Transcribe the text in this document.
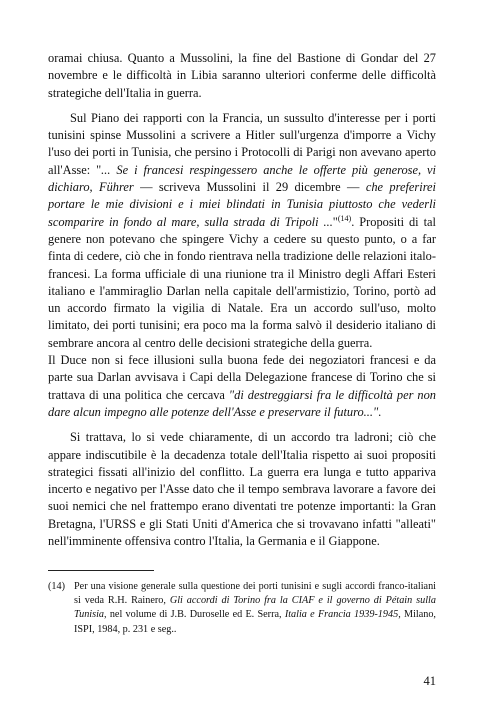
oramai chiusa. Quanto a Mussolini, la fine del Bastione di Gondar del 27 novembre e le difficoltà in Libia saranno ulteriori conferme delle difficoltà strategiche dell'Italia in guerra.

Sul Piano dei rapporti con la Francia, un sussulto d'interesse per i porti tunisini spinse Mussolini a scrivere a Hitler sull'urgenza d'imporre a Vichy l'uso dei porti in Tunisia, che persino i Protocolli di Parigi non avevano aperto all'Asse: "... Se i francesi respingessero anche le offerte più generose, vi dichiaro, Führer — scriveva Mussolini il 29 dicembre — che preferirei portare le mie divisioni e i miei blindati in Tunisia piuttosto che vederli scomparire in fondo al mare, sulla strada di Tripoli ..."$^{(14)}$. Propositi di tal genere non potevano che spingere Vichy a cedere su questo punto, o a far finta di cedere, ciò che in fondo rientrava nella tradizione delle relazioni italo-francesi. La forma ufficiale di una riunione tra il Ministro degli Affari Esteri italiano e l'ammiraglio Darlan nella capitale dell'armistizio, Torino, portò ad un accordo firmato la vigilia di Natale. Era un accordo sull'uso, molto limitato, dei porti tunisini; era poco ma la forma salvò il desiderio italiano di sembrare ancora al centro delle decisioni strategiche della guerra.

Il Duce non si fece illusioni sulla buona fede dei negoziatori francesi e da parte sua Darlan avvisava i Capi della Delegazione francese di Torino che si trattava di una politica che cercava "di destreggiarsi fra le difficoltà per non dare alcun impegno alle potenze dell'Asse e preservare il futuro...".

Si trattava, lo si vede chiaramente, di un accordo tra ladroni; ciò che appare indiscutibile è la decadenza totale dell'Italia rispetto ai suoi propositi strategici fissati all'inizio del conflitto. La guerra era lunga e tutto appariva incerto e negativo per l'Asse dato che il tempo sembrava lavorare a favore dei suoi nemici che nel frattempo erano diventati tre potenze importanti: la Gran Bretagna, l'URSS e gli Stati Uniti d'America che si trovavano infatti "alleati" nell'imminente offensiva contro l'Italia, la Germania e il Giappone.

(14) Per una visione generale sulla questione dei porti tunisini e sugli accordi franco-italiani si veda R.H. Rainero, Gli accordi di Torino fra la CIAF e il governo di Pétain sulla Tunisia, nel volume di J.B. Duroselle ed E. Serra, Italia e Francia 1939-1945, Milano, ISPI, 1984, p. 231 e seg..
41
